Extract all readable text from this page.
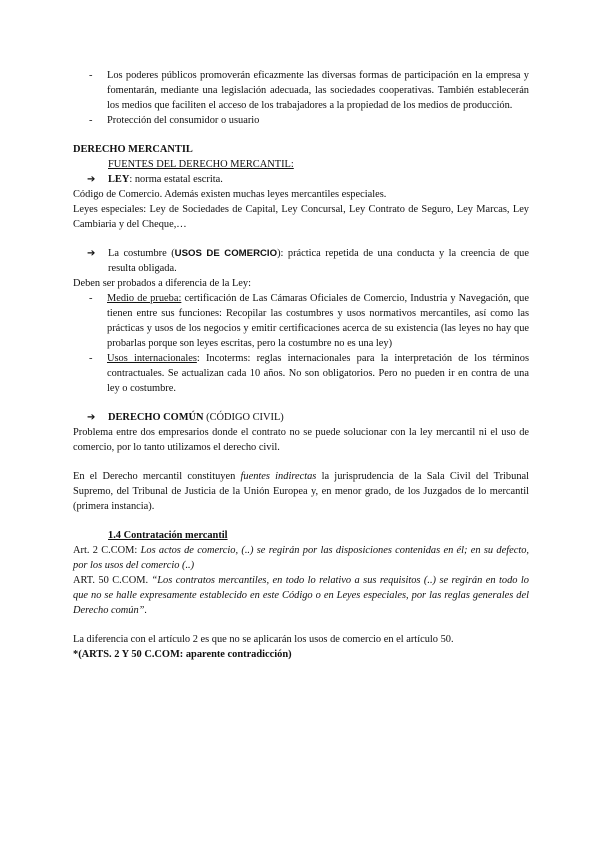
- Los poderes públicos promoverán eficazmente las diversas formas de participación en la empresa y fomentarán, mediante una legislación adecuada, las sociedades cooperativas. También establecerán los medios que faciliten el acceso de los trabajadores a la propiedad de los medios de producción.

- Protección del consumidor o usuario

DERECHO MERCANTIL

FUENTES DEL DERECHO MERCANTIL:

➔ LEY: norma estatal escrita.

Código de Comercio. Además existen muchas leyes mercantiles especiales.

Leyes especiales: Ley de Sociedades de Capital, Ley Concursal, Ley Contrato de Seguro, Ley Marcas, Ley Cambiaria y del Cheque,…

➔ La costumbre (USOS DE COMERCIO): práctica repetida de una conducta y la creencia de que resulta obligada.

Deben ser probados a diferencia de la Ley:

- Medio de prueba: certificación de Las Cámaras Oficiales de Comercio, Industria y Navegación, que tienen entre sus funciones: Recopilar las costumbres y usos normativos mercantiles, así como las prácticas y usos de los negocios y emitir certificaciones acerca de su existencia (las leyes no hay que probarlas porque son leyes escritas, pero la costumbre no es una ley)

- Usos internacionales: Incoterms: reglas internacionales para la interpretación de los términos contractuales. Se actualizan cada 10 años. No son obligatorios. Pero no pueden ir en contra de una ley o costumbre.

➔ DERECHO COMÚN (CÓDIGO CIVIL)

Problema entre dos empresarios donde el contrato no se puede solucionar con la ley mercantil ni el uso de comercio, por lo tanto utilizamos el derecho civil.

En el Derecho mercantil constituyen fuentes indirectas la jurisprudencia de la Sala Civil del Tribunal Supremo, del Tribunal de Justicia de la Unión Europea y, en menor grado, de los Juzgados de lo mercantil (primera instancia).

1.4 Contratación mercantil

Art. 2 C.COM: Los actos de comercio, (..) se regirán por las disposiciones contenidas en él; en su defecto, por los usos del comercio (..)

ART. 50 C.COM. “Los contratos mercantiles, en todo lo relativo a sus requisitos (..) se regirán en todo lo que no se halle expresamente establecido en este Código o en Leyes especiales, por las reglas generales del Derecho común”.

La diferencia con el artículo 2 es que no se aplicarán los usos de comercio en el artículo 50.

*(ARTS. 2 Y 50 C.COM: aparente contradicción)
